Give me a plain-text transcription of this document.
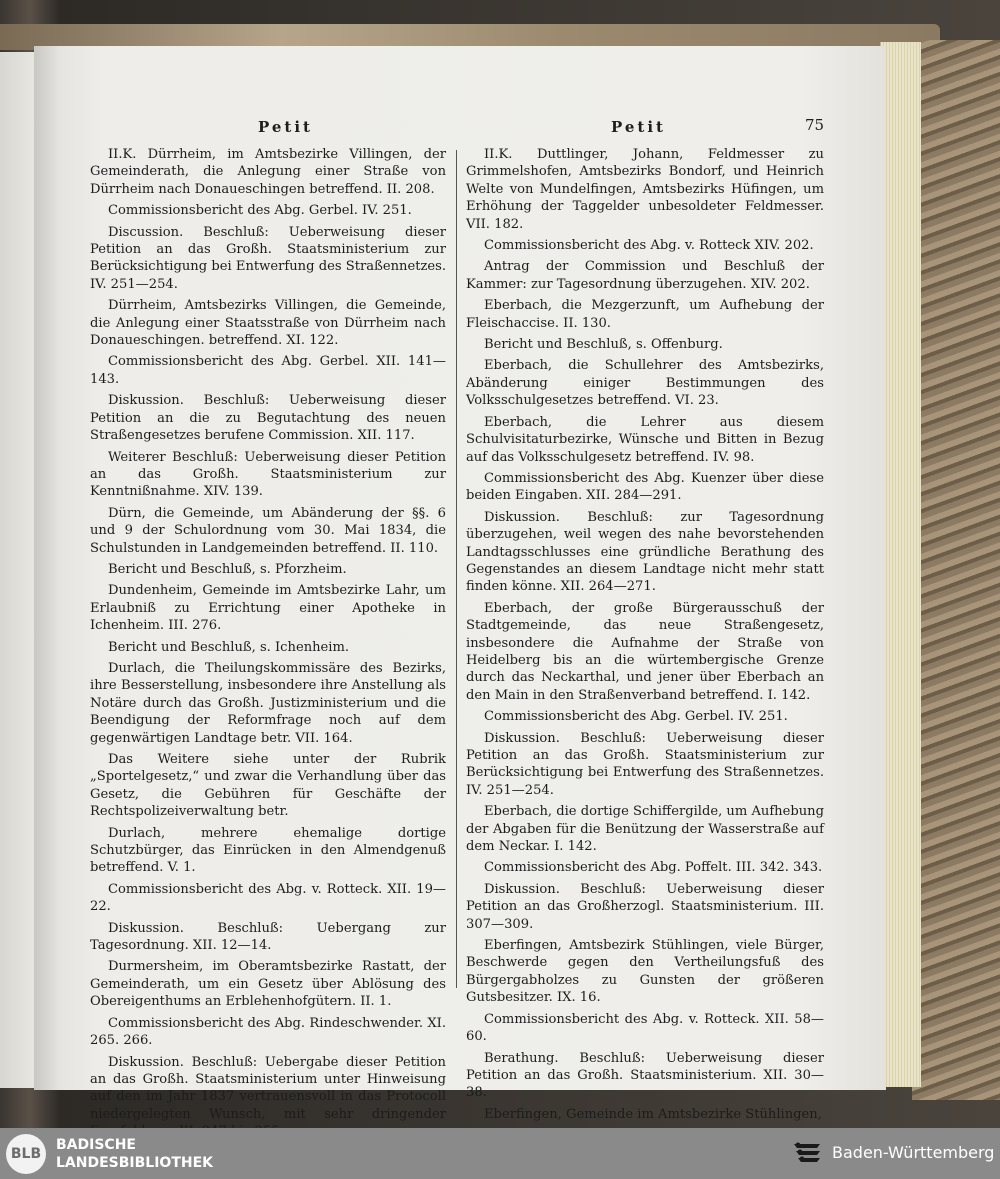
Petit	Petit	75

II.K. Dürrheim, im Amtsbezirke Villingen, der Gemeinderath, die Anlegung einer Straße von Dürrheim nach Donaueschingen betreffend. II. 208.

Commissionsbericht des Abg. Gerbel. IV. 251.

Discussion. Beschluß: Ueberweisung dieser Petition an das Großh. Staatsministerium zur Berücksichtigung bei Entwerfung des Straßennetzes. IV. 251—254.

Dürrheim, Amtsbezirks Villingen, die Gemeinde, die Anlegung einer Staatsstraße von Dürrheim nach Donaueschingen. betreffend. XI. 122.

Commissionsbericht des Abg. Gerbel. XII. 141—143.

Diskussion. Beschluß: Ueberweisung dieser Petition an die zu Begutachtung des neuen Straßengesetzes berufene Commission. XII. 117.

Weiterer Beschluß: Ueberweisung dieser Petition an das Großh. Staatsministerium zur Kenntnißnahme. XIV. 139.

Dürn, die Gemeinde, um Abänderung der §§. 6 und 9 der Schulordnung vom 30. Mai 1834, die Schulstunden in Landgemeinden betreffend. II. 110.

Bericht und Beschluß, s. Pforzheim.

Dundenheim, Gemeinde im Amtsbezirke Lahr, um Erlaubniß zu Errichtung einer Apotheke in Ichenheim. III. 276.

Bericht und Beschluß, s. Ichenheim.

Durlach, die Theilungskommissäre des Bezirks, ihre Besserstellung, insbesondere ihre Anstellung als Notäre durch das Großh. Justizministerium und die Beendigung der Reformfrage noch auf dem gegenwärtigen Landtage betr. VII. 164.

Das Weitere siehe unter der Rubrik „Sportelgesetz,“ und zwar die Verhandlung über das Gesetz, die Gebühren für Geschäfte der Rechtspolizeiverwaltung betr.

Durlach, mehrere ehemalige dortige Schutzbürger, das Einrücken in den Almendgenuß betreffend. V. 1.

Commissionsbericht des Abg. v. Rotteck. XII. 19—22.

Diskussion. Beschluß: Uebergang zur Tagesordnung. XII. 12—14.

Durmersheim, im Oberamtsbezirke Rastatt, der Gemeinderath, um ein Gesetz über Ablösung des Obereigenthums an Erblehenhofgütern. II. 1.

Commissionsbericht des Abg. Rindeschwender. XI. 265. 266.

Diskussion. Beschluß: Uebergabe dieser Petition an das Großh. Staatsministerium unter Hinweisung auf den im Jahr 1837 vertrauensvoll in das Protocoll niedergelegten Wunsch, mit sehr dringender

II.K. Duttlinger, Johann, Feldmesser zu Grimmelshofen, Amtsbezirks Bondorf, und Heinrich Welte von Mundelfingen, Amtsbezirks Hüfingen, um Erhöhung der Taggelder unbesoldeter Feldmesser. VII. 182.

Commissionsbericht des Abg. v. Rotteck XIV. 202.

Antrag der Commission und Beschluß der Kammer: zur Tagesordnung überzugehen. XIV. 202.

Eberbach, die Mezgerzunft, um Aufhebung der Fleischaccise. II. 130.

Bericht und Beschluß, s. Offenburg.

Eberbach, die Schullehrer des Amtsbezirks, Abänderung einiger Bestimmungen des Volksschulgesetzes betreffend. VI. 23.

Eberbach, die Lehrer aus diesem Schulvisitaturbezirke, Wünsche und Bitten in Bezug auf das Volksschulgesetz betreffend. IV. 98.

Commissionsbericht des Abg. Kuenzer über diese beiden Eingaben. XII. 284—291.

Diskussion. Beschluß: zur Tagesordnung überzugehen, weil wegen des nahe bevorstehenden Landtagsschlusses eine gründliche Berathung des Gegenstandes an diesem Landtage nicht mehr statt finden könne. XII. 264—271.

Eberbach, der große Bürgerausschuß der Stadtgemeinde, das neue Straßengesetz, insbesondere die Aufnahme der Straße von Heidelberg bis an die würtembergische Grenze durch das Neckarthal, und jener über Eberbach an den Main in den Straßenverband betreffend. I. 142.

Commissionsbericht des Abg. Gerbel. IV. 251.

Diskussion. Beschluß: Ueberweisung dieser Petition an das Großh. Staatsministerium zur Berücksichtigung bei Entwerfung des Straßennetzes. IV. 251—254.

Eberbach, die dortige Schiffergilde, um Aufhebung der Abgaben für die Benützung der Wasserstraße auf dem Neckar. I. 142.

Commissionsbericht des Abg. Poffelt. III. 342. 343.

Diskussion. Beschluß: Ueberweisung dieser Petition an das Großherzogl. Staatsministerium. III. 307—309.

Eberfingen, Amtsbezirk Stühlingen, viele Bürger, Beschwerde gegen den Vertheilungsfuß des Bürgergabholzes zu Gunsten der größeren Gutsbesitzer. IX. 16.

Commissionsbericht des Abg. v. Rotteck. XII. 58—60.

Berathung. Beschluß: Ueberweisung dieser Petition an das Großh. Staatsministerium. XII. 30—38.

Eberfingen, Gemeinde im Amtsbezirke Stühlingen,

BLB
BADISCHE
LANDESBIBLIOTHEK
Baden-Württemberg
